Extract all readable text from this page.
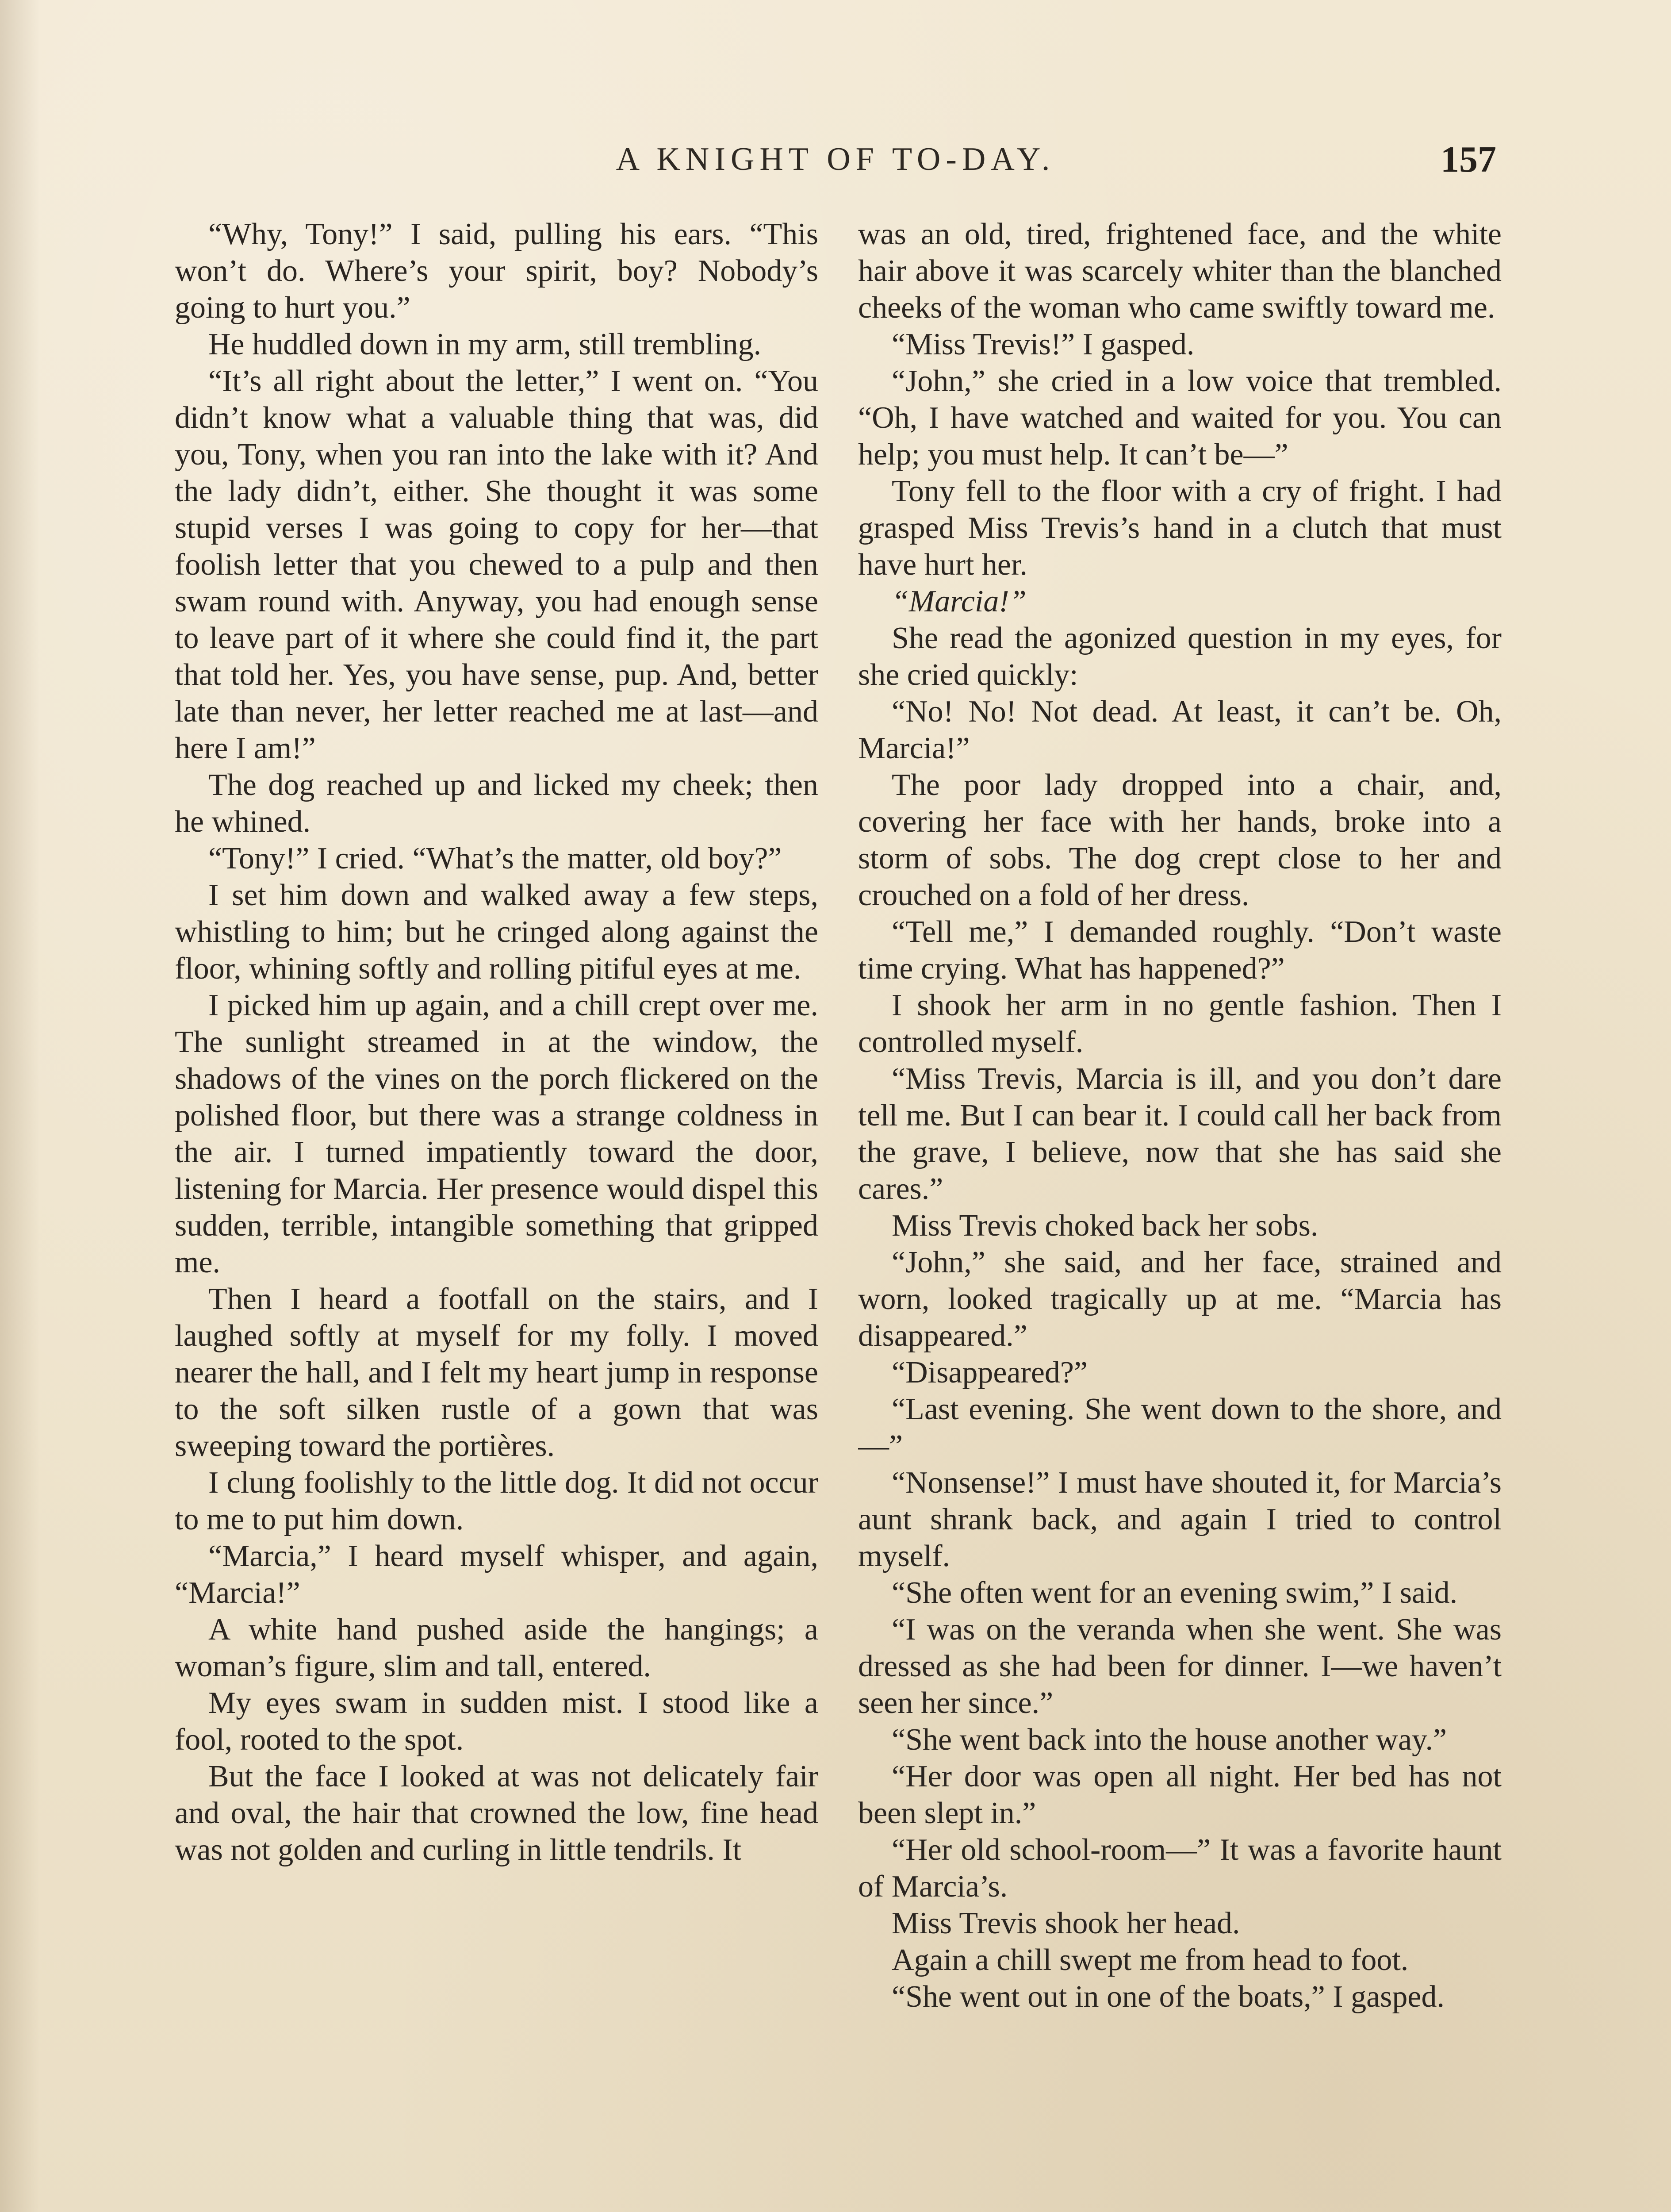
A KNIGHT OF TO-DAY.	157

“Why, Tony!” I said, pulling his ears. “This won’t do. Where’s your spirit, boy? Nobody’s going to hurt you.”

He huddled down in my arm, still trembling.

“It’s all right about the letter,” I went on. “You didn’t know what a valuable thing that was, did you, Tony, when you ran into the lake with it? And the lady didn’t, either. She thought it was some stupid verses I was going to copy for her—that foolish letter that you chewed to a pulp and then swam round with. Anyway, you had enough sense to leave part of it where she could find it, the part that told her. Yes, you have sense, pup. And, better late than never, her letter reached me at last—and here I am!”

The dog reached up and licked my cheek; then he whined.

“Tony!” I cried. “What’s the matter, old boy?”

I set him down and walked away a few steps, whistling to him; but he cringed along against the floor, whining softly and rolling pitiful eyes at me.

I picked him up again, and a chill crept over me. The sunlight streamed in at the window, the shadows of the vines on the porch flickered on the polished floor, but there was a strange coldness in the air. I turned impatiently toward the door, listening for Marcia. Her presence would dispel this sudden, terrible, intangible something that gripped me.

Then I heard a footfall on the stairs, and I laughed softly at myself for my folly. I moved nearer the hall, and I felt my heart jump in response to the soft silken rustle of a gown that was sweeping toward the portières.

I clung foolishly to the little dog. It did not occur to me to put him down.

“Marcia,” I heard myself whisper, and again, “Marcia!”

A white hand pushed aside the hangings; a woman’s figure, slim and tall, entered.

My eyes swam in sudden mist. I stood like a fool, rooted to the spot.

But the face I looked at was not delicately fair and oval, the hair that crowned the low, fine head was not golden and curling in little tendrils. It

was an old, tired, frightened face, and the white hair above it was scarcely whiter than the blanched cheeks of the woman who came swiftly toward me.

“Miss Trevis!” I gasped.

“John,” she cried in a low voice that trembled. “Oh, I have watched and waited for you. You can help; you must help. It can’t be—”

Tony fell to the floor with a cry of fright. I had grasped Miss Trevis’s hand in a clutch that must have hurt her.

“Marcia!”

She read the agonized question in my eyes, for she cried quickly:

“No! No! Not dead. At least, it can’t be. Oh, Marcia!”

The poor lady dropped into a chair, and, covering her face with her hands, broke into a storm of sobs. The dog crept close to her and crouched on a fold of her dress.

“Tell me,” I demanded roughly. “Don’t waste time crying. What has happened?”

I shook her arm in no gentle fashion. Then I controlled myself.

“Miss Trevis, Marcia is ill, and you don’t dare tell me. But I can bear it. I could call her back from the grave, I believe, now that she has said she cares.”

Miss Trevis choked back her sobs.

“John,” she said, and her face, strained and worn, looked tragically up at me. “Marcia has disappeared.”

“Disappeared?”

“Last evening. She went down to the shore, and—”

“Nonsense!” I must have shouted it, for Marcia’s aunt shrank back, and again I tried to control myself.

“She often went for an evening swim,” I said.

“I was on the veranda when she went. She was dressed as she had been for dinner. I—we haven’t seen her since.”

“She went back into the house another way.”

“Her door was open all night. Her bed has not been slept in.”

“Her old school-room—” It was a favorite haunt of Marcia’s.

Miss Trevis shook her head.

Again a chill swept me from head to foot.

“She went out in one of the boats,” I gasped.
